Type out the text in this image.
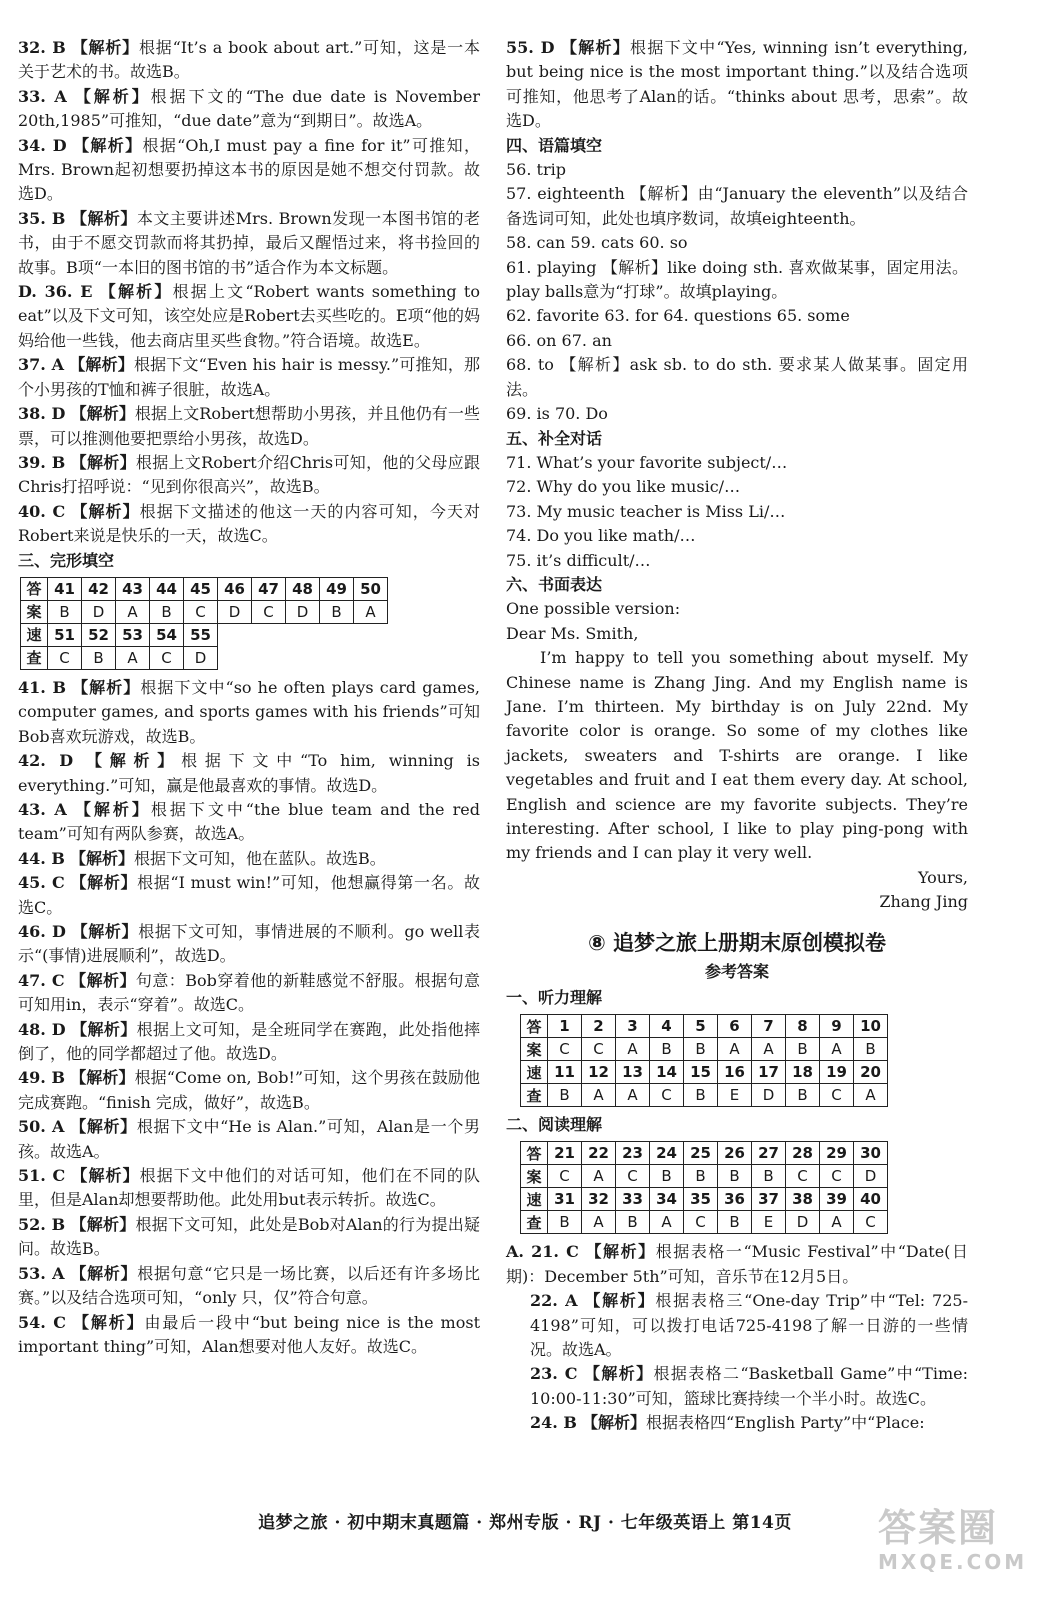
32. B 【解析】根据“It’s a book about art.”可知，这是一本关于艺术的书。故选B。

33. A 【解析】根据下文的“The due date is November 20th,1985”可推知，“due date”意为“到期日”。故选A。

34. D 【解析】根据“Oh,I must pay a fine for it”可推知，Mrs. Brown起初想要扔掉这本书的原因是她不想交付罚款。故选D。

35. B 【解析】本文主要讲述Mrs. Brown发现一本图书馆的老书，由于不愿交罚款而将其扔掉，最后又醒悟过来，将书捡回的故事。B项“一本旧的图书馆的书”适合作为本文标题。

D. 36. E 【解析】根据上文“Robert wants something to eat”以及下文可知，该空处应是Robert去买些吃的。E项“他的妈妈给他一些钱，他去商店里买些食物。”符合语境。故选E。

37. A 【解析】根据下文“Even his hair is messy.”可推知，那个小男孩的T恤和裤子很脏，故选A。

38. D 【解析】根据上文Robert想帮助小男孩，并且他仍有一些票，可以推测他要把票给小男孩，故选D。

39. B 【解析】根据上文Robert介绍Chris可知，他的父母应跟Chris打招呼说：“见到你很高兴”，故选B。

40. C 【解析】根据下文描述的他这一天的内容可知，今天对Robert来说是快乐的一天，故选C。

三、完形填空

答	41	42	43	44	45	46	47	48	49	50
案	B	D	A	B	C	D	C	D	B	A
速	51	52	53	54	55					
查	C	B	A	C	D					

41. B 【解析】根据下文中“so he often plays card games, computer games, and sports games with his friends”可知Bob喜欢玩游戏，故选B。

42. D 【解析】根据下文中“To him, winning is everything.”可知，赢是他最喜欢的事情。故选D。

43. A 【解析】根据下文中“the blue team and the red team”可知有两队参赛，故选A。

44. B 【解析】根据下文可知，他在蓝队。故选B。

45. C 【解析】根据“I must win!”可知，他想赢得第一名。故选C。

46. D 【解析】根据下文可知，事情进展的不顺利。go well表示“(事情)进展顺利”，故选D。

47. C 【解析】句意：Bob穿着他的新鞋感觉不舒服。根据句意可知用in，表示“穿着”。故选C。

48. D 【解析】根据上文可知，是全班同学在赛跑，此处指他摔倒了，他的同学都超过了他。故选D。

49. B 【解析】根据“Come on, Bob!”可知，这个男孩在鼓励他完成赛跑。“finish 完成，做好”，故选B。

50. A 【解析】根据下文中“He is Alan.”可知，Alan是一个男孩。故选A。

51. C 【解析】根据下文中他们的对话可知，他们在不同的队里，但是Alan却想要帮助他。此处用but表示转折。故选C。

52. B 【解析】根据下文可知，此处是Bob对Alan的行为提出疑问。故选B。

53. A 【解析】根据句意“它只是一场比赛，以后还有许多场比赛。”以及结合选项可知，“only 只，仅”符合句意。

54. C 【解析】由最后一段中“but being nice is the most important thing”可知，Alan想要对他人友好。故选C。

55. D 【解析】根据下文中“Yes, winning isn’t everything, but being nice is the most important thing.”以及结合选项可推知，他思考了Alan的话。“thinks about 思考，思索”。故选D。

四、语篇填空

56. trip

57. eighteenth 【解析】由“January the eleventh”以及结合备选词可知，此处也填序数词，故填eighteenth。

58. can 59. cats 60. so

61. playing 【解析】like doing sth. 喜欢做某事，固定用法。play balls意为“打球”。故填playing。

62. favorite 63. for 64. questions 65. some

66. on 67. an

68. to 【解析】ask sb. to do sth. 要求某人做某事。固定用法。

69. is 70. Do

五、补全对话

71. What’s your favorite subject/…

72. Why do you like music/…

73. My music teacher is Miss Li/…

74. Do you like math/…

75. it’s difficult/…

六、书面表达

One possible version:

Dear Ms. Smith,

I’m happy to tell you something about myself. My Chinese name is Zhang Jing. And my English name is Jane. I’m thirteen. My birthday is on July 22nd. My favorite color is orange. So some of my clothes like jackets, sweaters and T-shirts are orange. I like vegetables and fruit and I eat them every day. At school, English and science are my favorite subjects. They’re interesting. After school, I like to play ping-pong with my friends and I can play it very well.

Yours,

Zhang Jing

⑧ 追梦之旅上册期末原创模拟卷
参考答案

一、听力理解

答	1	2	3	4	5	6	7	8	9	10
案	C	C	A	B	B	A	A	B	A	B
速	11	12	13	14	15	16	17	18	19	20
查	B	A	A	C	B	E	D	B	C	A

二、阅读理解

答	21	22	23	24	25	26	27	28	29	30
案	C	A	C	B	B	B	B	C	C	D
速	31	32	33	34	35	36	37	38	39	40
查	B	A	B	A	C	B	E	D	A	C

A. 21. C 【解析】根据表格一“Music Festival”中“Date(日期)：December 5th”可知，音乐节在12月5日。

22. A 【解析】根据表格三“One-day Trip”中“Tel: 725-4198”可知，可以拨打电话725-4198了解一日游的一些情况。故选A。

23. C 【解析】根据表格二“Basketball Game”中“Time: 10:00-11:30”可知，篮球比赛持续一个半小时。故选C。

24. B 【解析】根据表格四“English Party”中“Place:

追梦之旅 · 初中期末真题篇 · 郑州专版 · RJ · 七年级英语上 第14页	答案圈
MXQE.COM
